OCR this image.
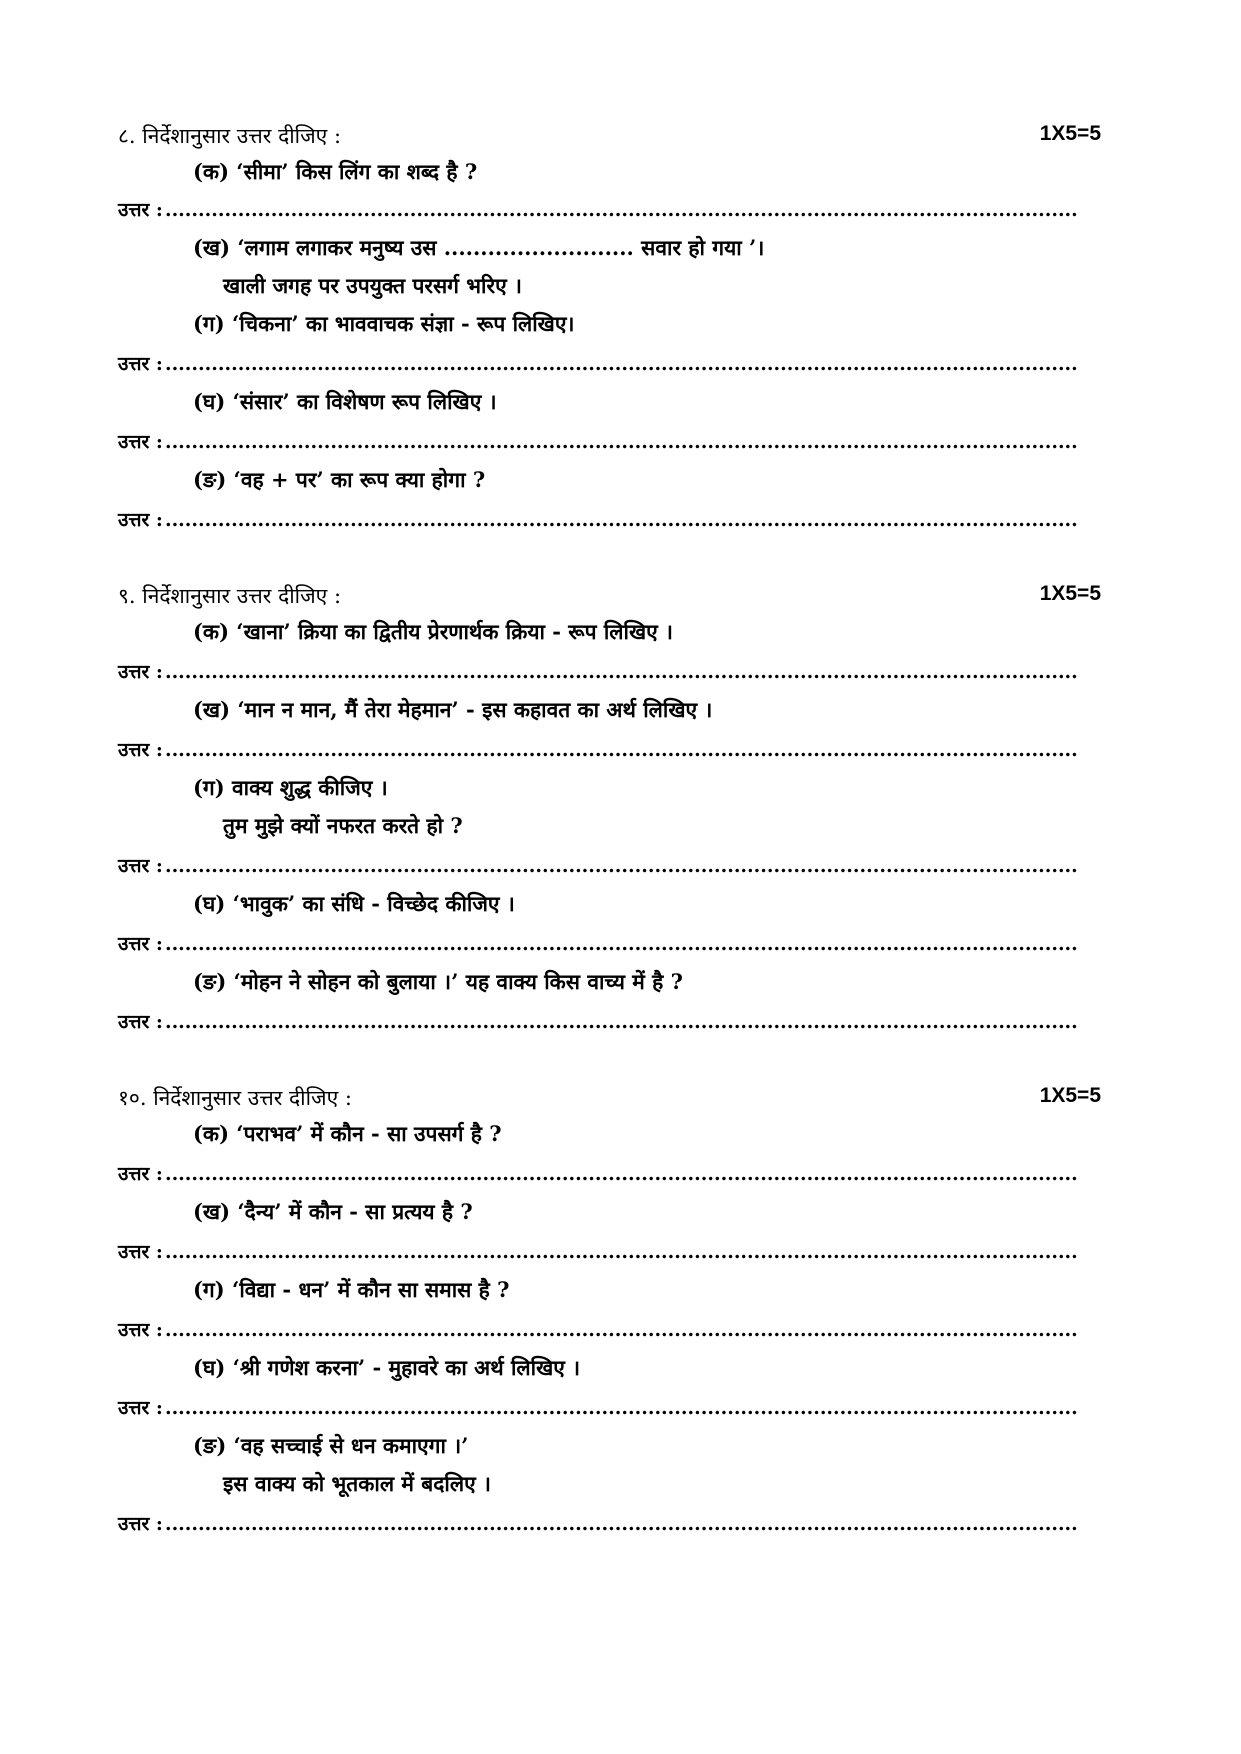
८. निर्देशानुसार उत्तर दीजिए :	1X5=5
(क) ‘सीमा’ किस लिंग का शब्द है ?
उत्तर :
.....
(ख) ‘लगाम लगाकर मनुष्य उस .......................... सवार हो गया ’।
खाली जगह पर उपयुक्त परसर्ग भरिए ।
(ग) ‘चिकना’ का भाववाचक संज्ञा - रूप लिखिए।
उत्तर :
.....
(घ) ‘संसार’ का विशेषण रूप लिखिए ।
उत्तर :
.....
(ङ) ‘वह + पर’ का रूप क्या होगा ?
उत्तर :
.....
९. निर्देशानुसार उत्तर दीजिए :	1X5=5
(क) ‘खाना’ क्रिया का द्वितीय प्रेरणार्थक क्रिया - रूप लिखिए ।
उत्तर :
.....
(ख) ‘मान न मान, मैं तेरा मेहमान’ - इस कहावत का अर्थ लिखिए ।
उत्तर :
.....
(ग) वाक्य शुद्ध कीजिए ।
तुम मुझे क्यों नफरत करते हो ?
उत्तर :
.....
(घ) ‘भावुक’ का संधि - विच्छेद कीजिए ।
उत्तर :
.....
(ङ) ‘मोहन ने सोहन को बुलाया ।’ यह वाक्य किस वाच्य में है ?
उत्तर :
.....
१०. निर्देशानुसार उत्तर दीजिए :	1X5=5
(क) ‘पराभव’ में कौन - सा उपसर्ग है ?
उत्तर :
.....
(ख) ‘दैन्य’ में कौन - सा प्रत्यय है ?
उत्तर :
.....
(ग) ‘विद्या - धन’ में कौन सा समास है ?
उत्तर :
.....
(घ) ‘श्री गणेश करना’ - मुहावरे का अर्थ लिखिए ।
उत्तर :
.....
(ङ) ‘वह सच्चाई से धन कमाएगा ।’
इस वाक्य को भूतकाल में बदलिए ।
उत्तर :
.....
